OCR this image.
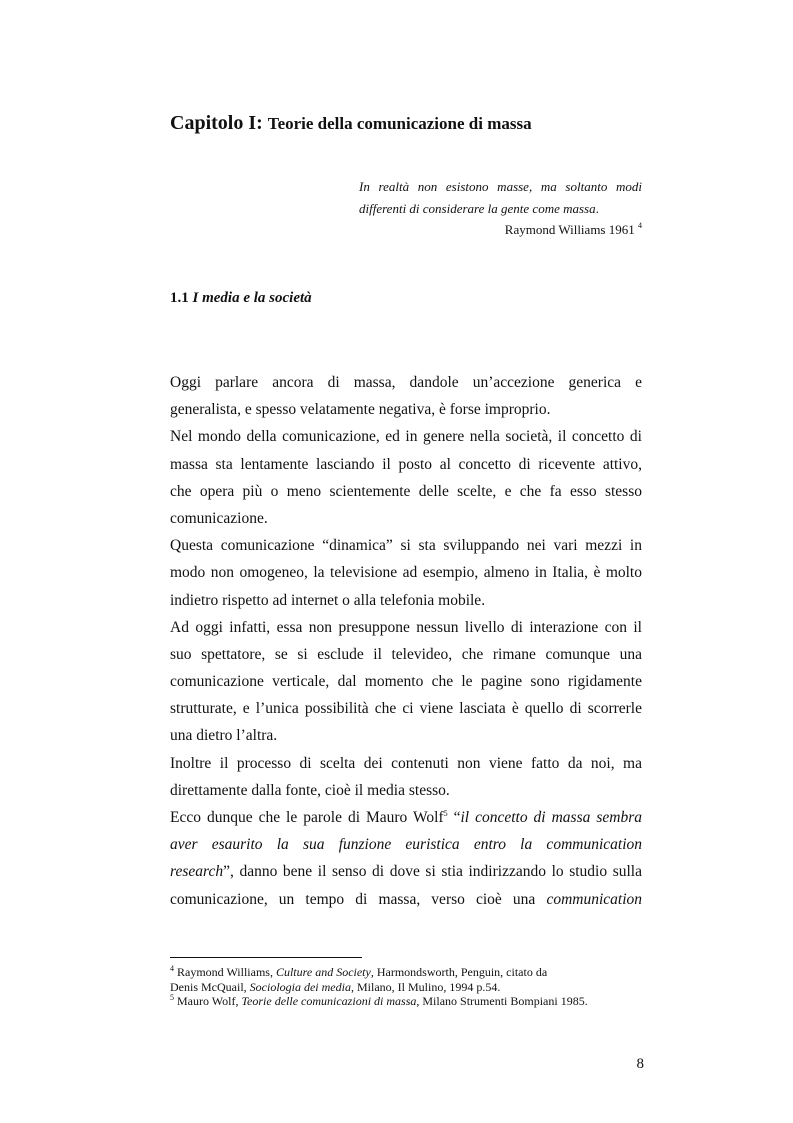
Capitolo I: Teorie della comunicazione di massa

In realtà non esistono masse, ma soltanto modi

differenti di considerare la gente come massa.

Raymond Williams 1961 $^4$

1.1 I media e la società
Oggi parlare ancora di massa, dandole un’accezione generica e
generalista, e spesso velatamente negativa, è forse improprio.
Nel mondo della comunicazione, ed in genere nella società, il concetto di
massa sta lentamente lasciando il posto al concetto di ricevente attivo,
che opera più o meno scientemente delle scelte, e che fa esso stesso
comunicazione.
Questa comunicazione “dinamica” si sta sviluppando nei vari mezzi in
modo non omogeneo, la televisione ad esempio, almeno in Italia, è molto
indietro rispetto ad internet o alla telefonia mobile.
Ad oggi infatti, essa non presuppone nessun livello di interazione con il
suo spettatore, se si esclude il televideo, che rimane comunque una
comunicazione verticale, dal momento che le pagine sono rigidamente
strutturate, e l’unica possibilità che ci viene lasciata è quello di scorrerle
una dietro l’altra.
Inoltre il processo di scelta dei contenuti non viene fatto da noi, ma
direttamente dalla fonte, cioè il media stesso.
Ecco dunque che le parole di Mauro Wolf$^5$ “il concetto di massa sembra
aver esaurito la sua funzione euristica entro la communication
research”, danno bene il senso di dove si stia indirizzando lo studio sulla
comunicazione, un tempo di massa, verso cioè una communication
$^4$ Raymond Williams, Culture and Society, Harmondsworth, Penguin, citato da
Denis McQuail, Sociologia dei media, Milano, Il Mulino, 1994 p.54.
$^5$ Mauro Wolf, Teorie delle comunicazioni di massa, Milano Strumenti Bompiani 1985.
8
